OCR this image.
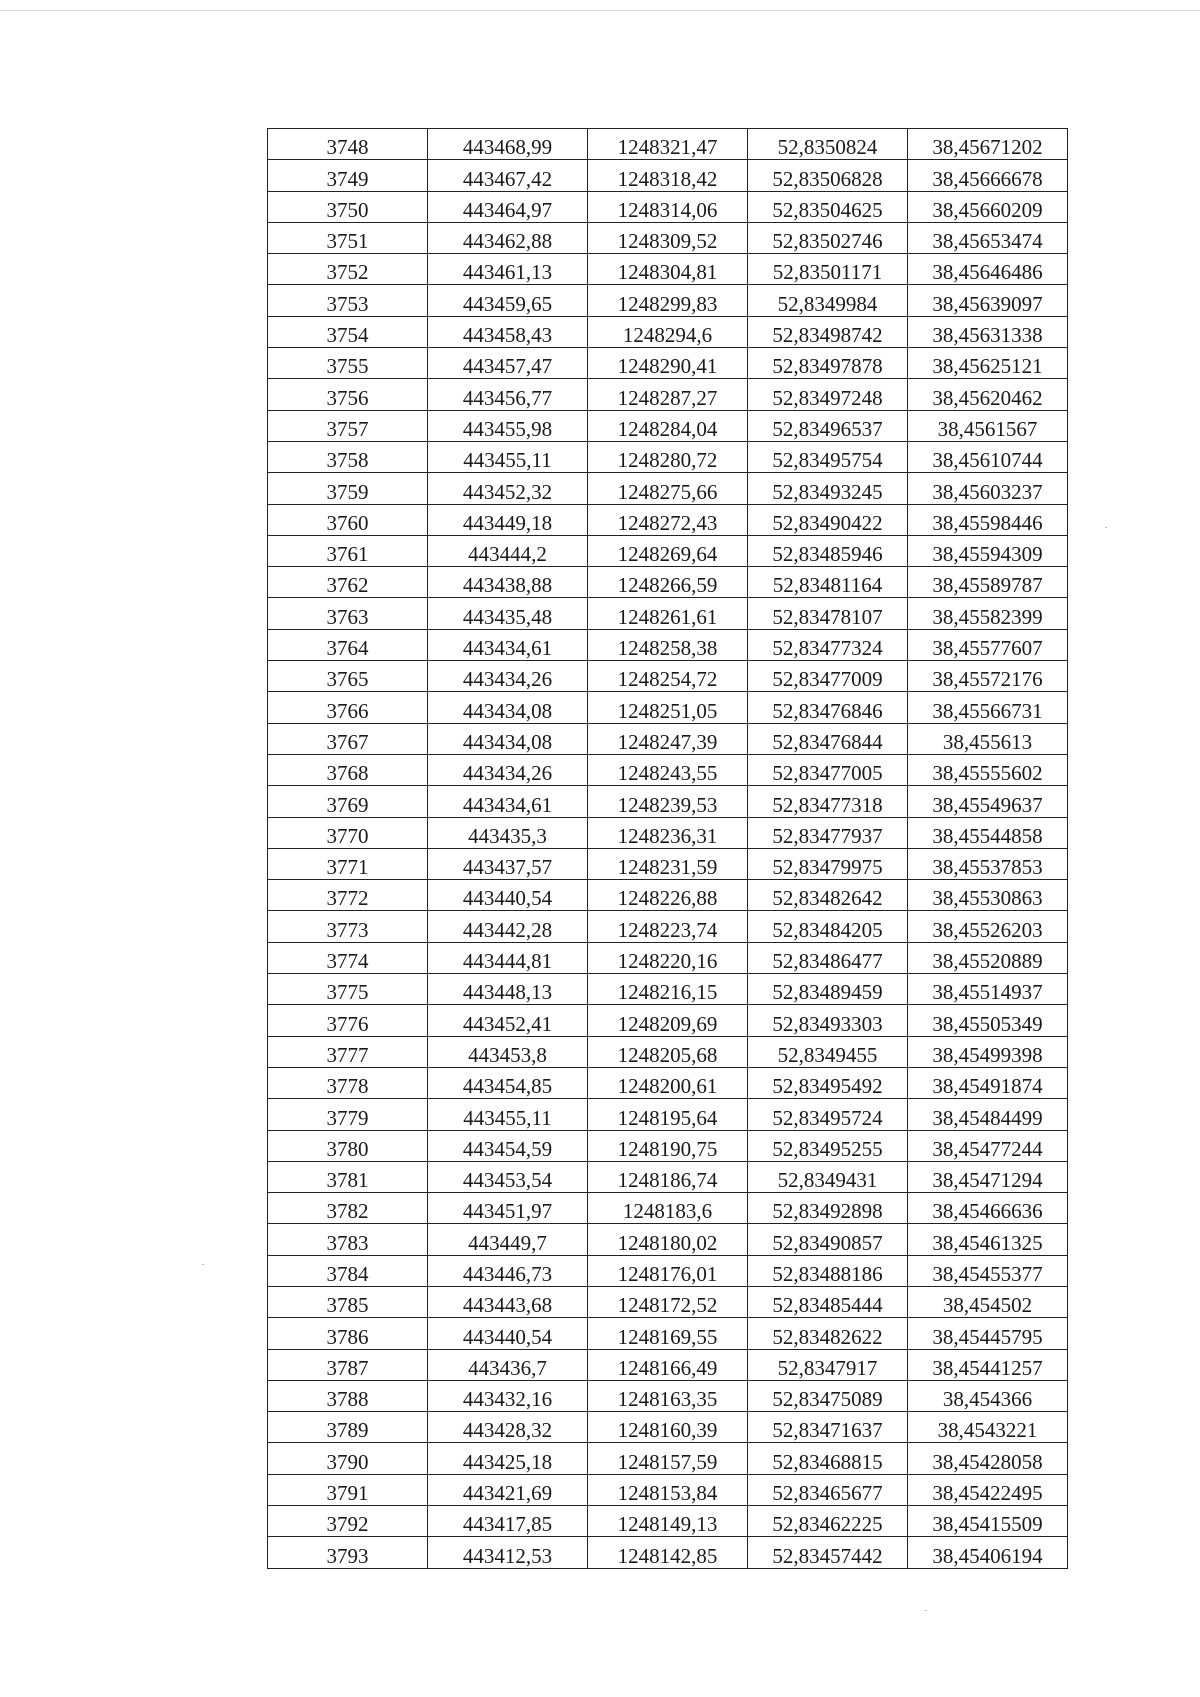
3748	443468,99	1248321,47	52,8350824	38,45671202
3749	443467,42	1248318,42	52,83506828	38,45666678
3750	443464,97	1248314,06	52,83504625	38,45660209
3751	443462,88	1248309,52	52,83502746	38,45653474
3752	443461,13	1248304,81	52,83501171	38,45646486
3753	443459,65	1248299,83	52,8349984	38,45639097
3754	443458,43	1248294,6	52,83498742	38,45631338
3755	443457,47	1248290,41	52,83497878	38,45625121
3756	443456,77	1248287,27	52,83497248	38,45620462
3757	443455,98	1248284,04	52,83496537	38,4561567
3758	443455,11	1248280,72	52,83495754	38,45610744
3759	443452,32	1248275,66	52,83493245	38,45603237
3760	443449,18	1248272,43	52,83490422	38,45598446
3761	443444,2	1248269,64	52,83485946	38,45594309
3762	443438,88	1248266,59	52,83481164	38,45589787
3763	443435,48	1248261,61	52,83478107	38,45582399
3764	443434,61	1248258,38	52,83477324	38,45577607
3765	443434,26	1248254,72	52,83477009	38,45572176
3766	443434,08	1248251,05	52,83476846	38,45566731
3767	443434,08	1248247,39	52,83476844	38,455613
3768	443434,26	1248243,55	52,83477005	38,45555602
3769	443434,61	1248239,53	52,83477318	38,45549637
3770	443435,3	1248236,31	52,83477937	38,45544858
3771	443437,57	1248231,59	52,83479975	38,45537853
3772	443440,54	1248226,88	52,83482642	38,45530863
3773	443442,28	1248223,74	52,83484205	38,45526203
3774	443444,81	1248220,16	52,83486477	38,45520889
3775	443448,13	1248216,15	52,83489459	38,45514937
3776	443452,41	1248209,69	52,83493303	38,45505349
3777	443453,8	1248205,68	52,8349455	38,45499398
3778	443454,85	1248200,61	52,83495492	38,45491874
3779	443455,11	1248195,64	52,83495724	38,45484499
3780	443454,59	1248190,75	52,83495255	38,45477244
3781	443453,54	1248186,74	52,8349431	38,45471294
3782	443451,97	1248183,6	52,83492898	38,45466636
3783	443449,7	1248180,02	52,83490857	38,45461325
3784	443446,73	1248176,01	52,83488186	38,45455377
3785	443443,68	1248172,52	52,83485444	38,454502
3786	443440,54	1248169,55	52,83482622	38,45445795
3787	443436,7	1248166,49	52,8347917	38,45441257
3788	443432,16	1248163,35	52,83475089	38,454366
3789	443428,32	1248160,39	52,83471637	38,4543221
3790	443425,18	1248157,59	52,83468815	38,45428058
3791	443421,69	1248153,84	52,83465677	38,45422495
3792	443417,85	1248149,13	52,83462225	38,45415509
3793	443412,53	1248142,85	52,83457442	38,45406194
